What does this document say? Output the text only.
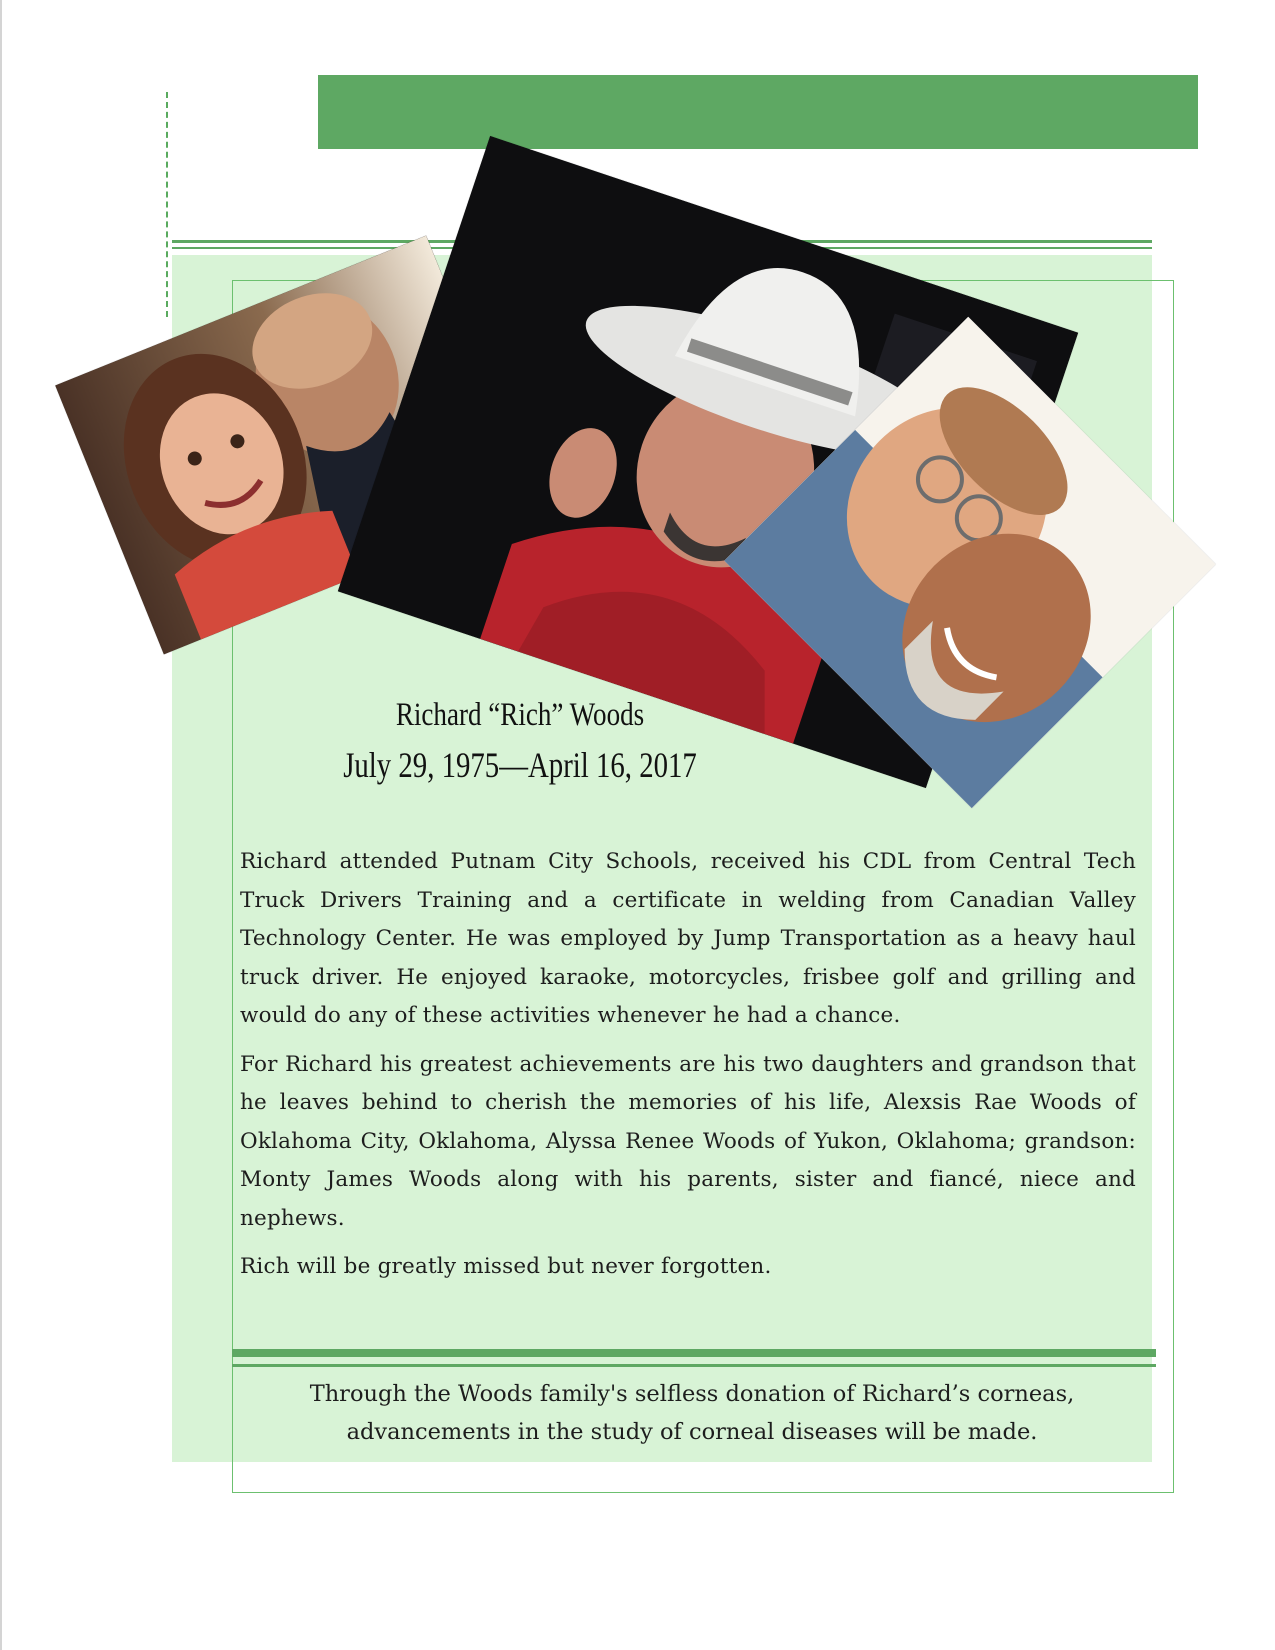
Richard “Rich” Woods
July 29, 1975—April 16, 2017

Richard attended Putnam City Schools, received his CDL from Central Tech Truck Drivers Training and a certificate in welding from Canadian Valley Technology Center. He was employed by Jump Transportation as a heavy haul truck driver. He enjoyed karaoke, motorcycles, frisbee golf and grilling and would do any of these activities whenever he had a chance.

For Richard his greatest achievements are his two daughters and grandson that he leaves behind to cherish the memories of his life, Alexsis Rae Woods of Oklahoma City, Oklahoma, Alyssa Renee Woods of Yukon, Oklahoma; grandson: Monty James Woods along with his parents, sister and fiancé, niece and nephews.

Rich will be greatly missed but never forgotten.

Through the Woods family's selfless donation of Richard’s corneas, advancements in the study of corneal diseases will be made.
